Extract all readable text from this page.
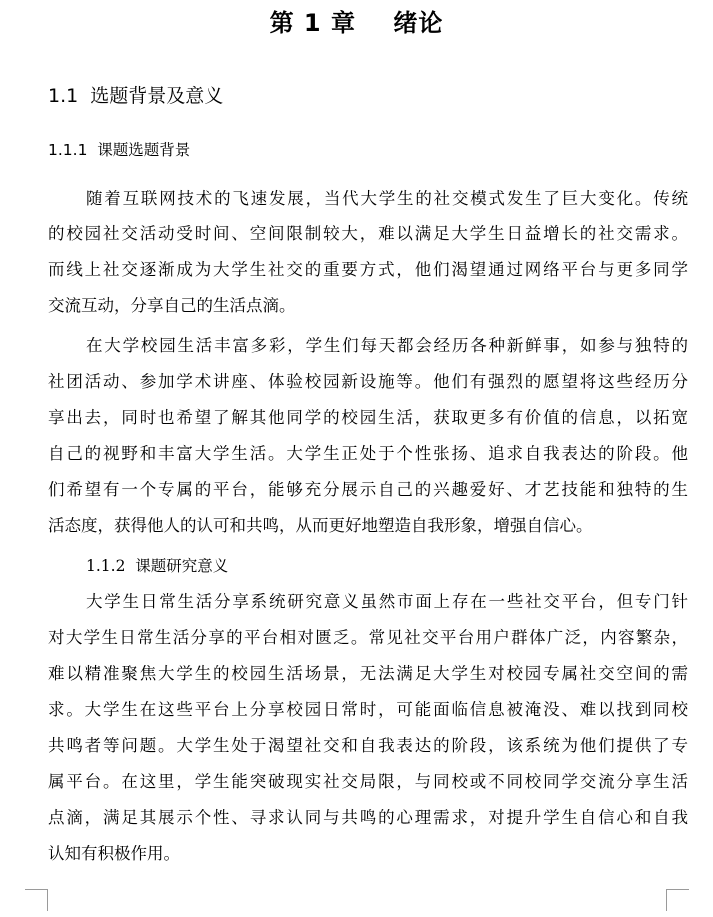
第 1 章    绪论
1.1  选题背景及意义
1.1.1  课题选题背景
随着互联网技术的飞速发展，当代大学生的社交模式发生了巨大变化。传统
的校园社交活动受时间、空间限制较大，难以满足大学生日益增长的社交需求。
而线上社交逐渐成为大学生社交的重要方式，他们渴望通过网络平台与更多同学
交流互动，分享自己的生活点滴。
在大学校园生活丰富多彩，学生们每天都会经历各种新鲜事，如参与独特的
社团活动、参加学术讲座、体验校园新设施等。他们有强烈的愿望将这些经历分
享出去，同时也希望了解其他同学的校园生活，获取更多有价值的信息，以拓宽
自己的视野和丰富大学生活。大学生正处于个性张扬、追求自我表达的阶段。他
们希望有一个专属的平台，能够充分展示自己的兴趣爱好、才艺技能和独特的生
活态度，获得他人的认可和共鸣，从而更好地塑造自我形象，增强自信心。
1.1.2  课题研究意义
大学生日常生活分享系统研究意义虽然市面上存在一些社交平台，但专门针
对大学生日常生活分享的平台相对匮乏。常见社交平台用户群体广泛，内容繁杂，
难以精准聚焦大学生的校园生活场景，无法满足大学生对校园专属社交空间的需
求。大学生在这些平台上分享校园日常时，可能面临信息被淹没、难以找到同校
共鸣者等问题。大学生处于渴望社交和自我表达的阶段，该系统为他们提供了专
属平台。在这里，学生能突破现实社交局限，与同校或不同校同学交流分享生活
点滴，满足其展示个性、寻求认同与共鸣的心理需求，对提升学生自信心和自我
认知有积极作用。
